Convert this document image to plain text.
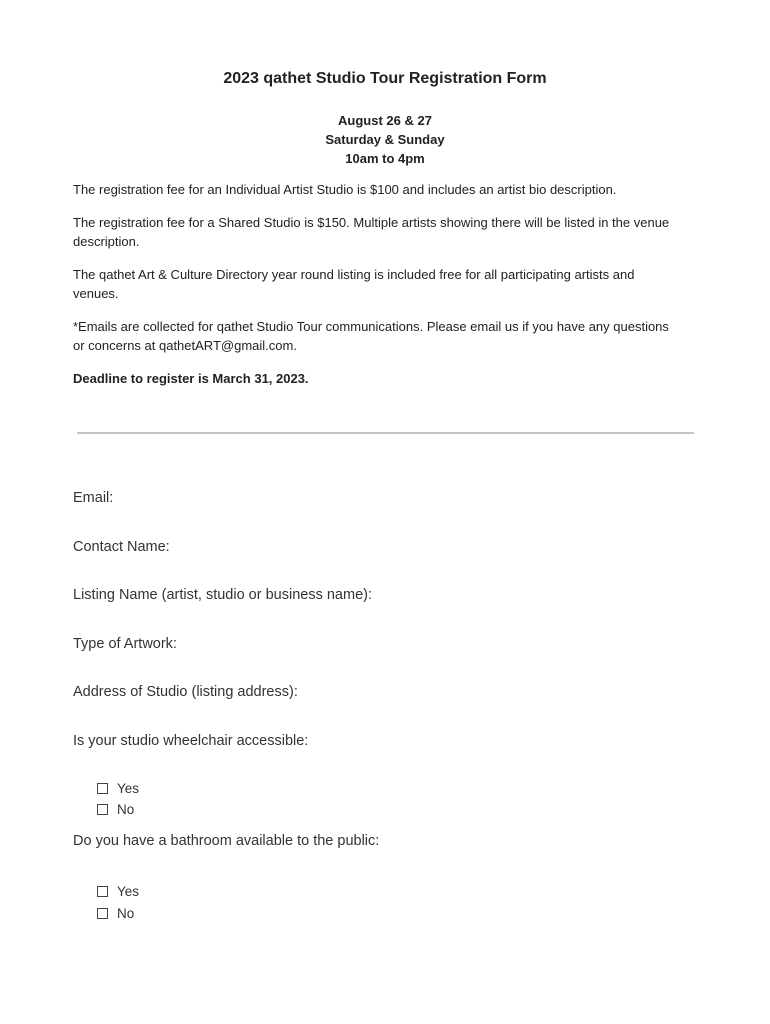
2023 qathet Studio Tour Registration Form
August 26 & 27
Saturday & Sunday
10am to 4pm
The registration fee for an Individual Artist Studio is $100 and includes an artist bio description.
The registration fee for a Shared Studio is $150. Multiple artists showing there will be listed in the venue description.
The qathet Art & Culture Directory year round listing is included free for all participating artists and venues.
*Emails are collected for qathet Studio Tour communications. Please email us if you have any questions or concerns at qathetART@gmail.com.
Deadline to register is March 31, 2023.
Email:
Contact Name:
Listing Name (artist, studio or business name):
Type of Artwork:
Address of Studio (listing address):
Is your studio wheelchair accessible:
Yes
No
Do you have a bathroom available to the public:
Yes
No
